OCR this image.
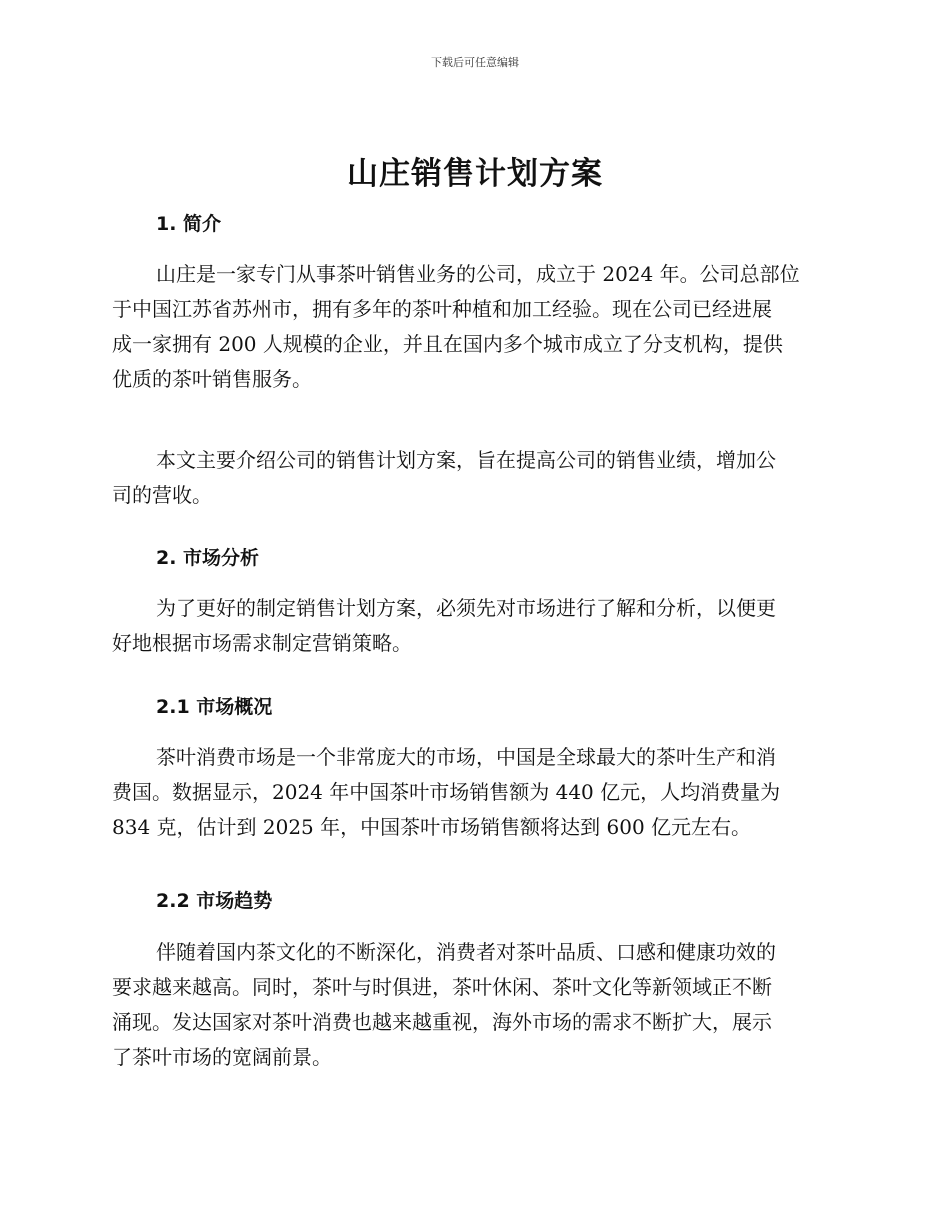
下载后可任意编辑
山庄销售计划方案
1. 简介
山庄是一家专门从事茶叶销售业务的公司，成立于 2024 年。公司总部位
于中国江苏省苏州市，拥有多年的茶叶种植和加工经验。现在公司已经进展
成一家拥有 200 人规模的企业，并且在国内多个城市成立了分支机构，提供
优质的茶叶销售服务。
本文主要介绍公司的销售计划方案，旨在提高公司的销售业绩，增加公
司的营收。
2. 市场分析
为了更好的制定销售计划方案，必须先对市场进行了解和分析，以便更
好地根据市场需求制定营销策略。
2.1 市场概况
茶叶消费市场是一个非常庞大的市场，中国是全球最大的茶叶生产和消
费国。数据显示，2024 年中国茶叶市场销售额为 440 亿元，人均消费量为
834 克，估计到 2025 年，中国茶叶市场销售额将达到 600 亿元左右。
2.2 市场趋势
伴随着国内茶文化的不断深化，消费者对茶叶品质、口感和健康功效的
要求越来越高。同时，茶叶与时俱进，茶叶休闲、茶叶文化等新领域正不断
涌现。发达国家对茶叶消费也越来越重视，海外市场的需求不断扩大，展示
了茶叶市场的宽阔前景。
